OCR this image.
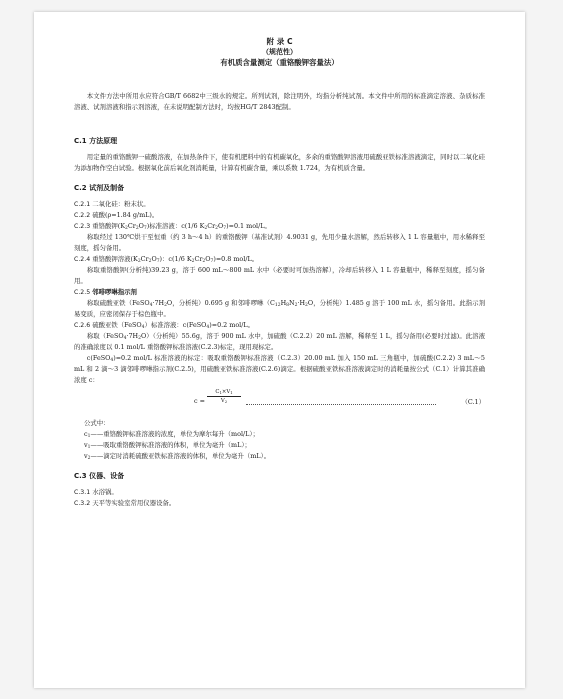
附 录 C
（规范性）
有机质含量测定（重铬酸钾容量法）

本文件方法中所用水应符合GB/T 6682中三级水的规定。所列试剂，除注明外，均指分析纯试剂。本文件中所用的标准滴定溶液、杂质标准溶液、试剂溶液和指示剂溶液，在未说明配制方法时，均按HG/T 2843配制。

C.1 方法原理

用定量的重铬酸钾一硫酸溶液，在加热条件下，使有机肥料中的有机碳氧化，多余的重铬酸钾溶液用硫酸亚铁标准溶液滴定，同时以二氧化硅为添加物作空白试验。根据氧化前后氧化剂消耗量，计算有机碳含量，乘以系数 1.724，为有机质含量。

C.2 试剂及制备

C.2.1 二氧化硅：粉末状。

C.2.2 硫酸(ρ=1.84 g/mL)。

C.2.3 重铬酸钾$(K_2Cr_2O_7)$标准溶液：c(1/6 $K_2Cr_2O_7)=0.1$ mol/L。

称取经过 130℃烘干至恒重（约 3 h～4 h）的重铬酸钾（基准试剂）4.9031 g，先用少量水溶解，然后转移入 1 L 容量瓶中，用水稀释至刻度，摇匀备用。

C.2.4 重铬酸钾溶液$(K_2Cr_2O_7)$：c(1/6 $K_2Cr_2O_7)=0.8$ mol/L。

称取重铬酸钾(分析纯)39.23 g，溶于 600 mL～800 mL 水中（必要时可加热溶解），冷却后转移入 1 L 容量瓶中，稀释至刻度，摇匀备用。

C.2.5 邻啡啰啉指示剂

称取硫酸亚铁（$FeSO_4\cdot 7H_2O$，分析纯）0.695 g 和邻啡啰啉（$C_{12}H_8N_2\cdot H_2O$，分析纯）1.485 g 溶于 100 mL 水，摇匀备用。此指示剂易变质，应密闭保存于棕色瓶中。

C.2.6 硫酸亚铁（FeSO$_4$）标准溶液：c(FeSO$_4$)=0.2 mol/L。

称取$(FeSO_4\cdot 7H_2O)$（分析纯）55.6g，溶于 900 mL 水中，加硫酸（C.2.2）20 mL 溶解，稀释至 1 L，摇匀备用(必要时过滤)。此溶液的准确浓度以 0.1 mol/L 重铬酸钾标准溶液(C.2.3)标定，现用现标定。

c(FeSO$_4$)=0.2 mol/L 标准溶液的标定：吸取重铬酸钾标准溶液（C.2.3）20.00 mL 加入 150 mL 三角瓶中，加硫酸(C.2.2) 3 mL～5 mL 和 2 滴～3 滴邻啡啰啉指示剂(C.2.5)，用硫酸亚铁标准溶液(C.2.6)滴定。根据硫酸亚铁标准溶液滴定时的消耗量按公式（C.1）计算其准确浓度 c：

$c = \frac{C_1\times V_1}{V_2}$	（C.1）

公式中：

$c_1——$重铬酸钾标准溶液的浓度，单位为摩尔每升（mol/L）；

$v_1——$吸取重铬酸钾标准溶液的体积，单位为毫升（mL）；

$v_2——$滴定时消耗硫酸亚铁标准溶液的体积，单位为毫升（mL）。

C.3 仪器、设备

C.3.1 水浴锅。

C.3.2 天平等实验室常用仪器设备。
